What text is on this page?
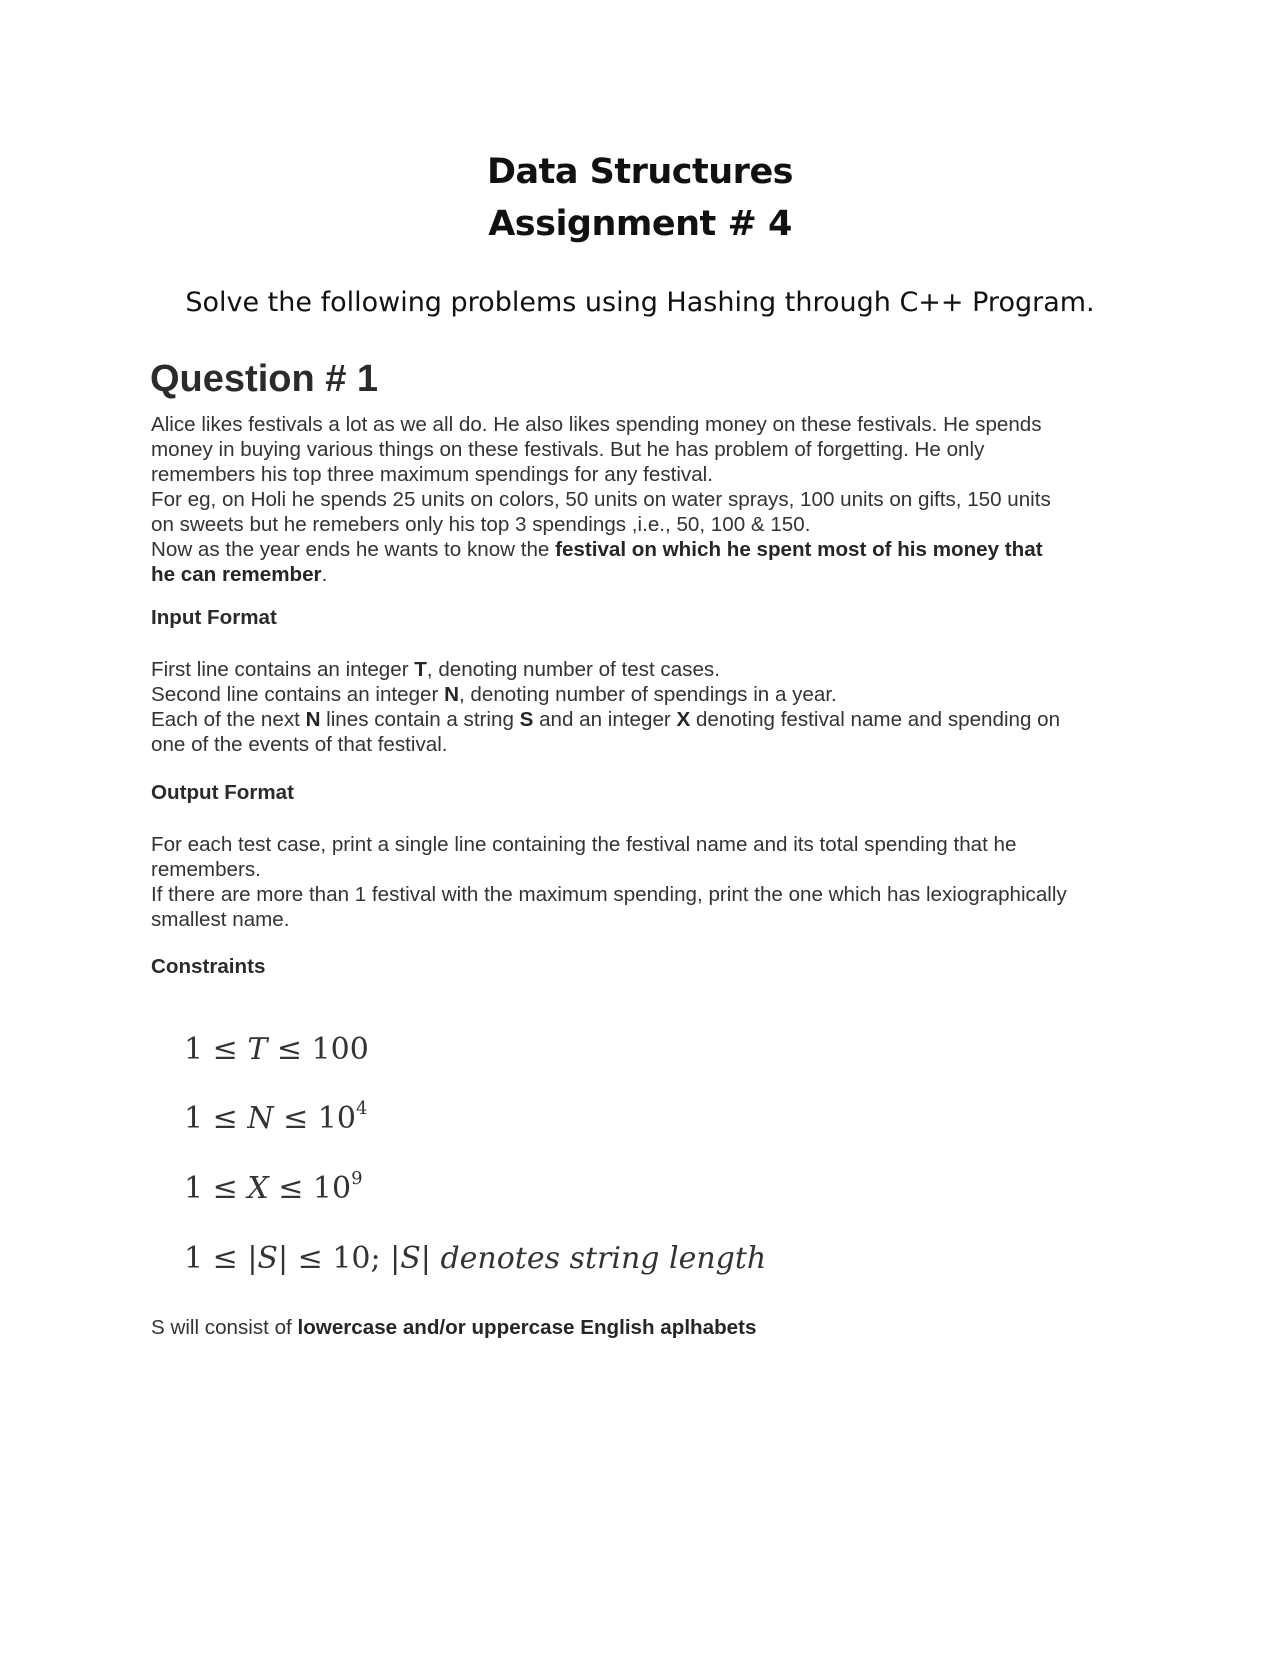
Data Structures
Assignment # 4
Solve the following problems using Hashing through C++ Program.
Question # 1
Alice likes festivals a lot as we all do. He also likes spending money on these festivals. He spends
money in buying various things on these festivals. But he has problem of forgetting. He only
remembers his top three maximum spendings for any festival.
For eg, on Holi he spends 25 units on colors, 50 units on water sprays, 100 units on gifts, 150 units
on sweets but he remebers only his top 3 spendings ,i.e., 50, 100 & 150.
Now as the year ends he wants to know the festival on which he spent most of his money that
he can remember.
Input Format
First line contains an integer T, denoting number of test cases.
Second line contains an integer N, denoting number of spendings in a year.
Each of the next N lines contain a string S and an integer X denoting festival name and spending on
one of the events of that festival.
Output Format
For each test case, print a single line containing the festival name and its total spending that he
remembers.
If there are more than 1 festival with the maximum spending, print the one which has lexiographically
smallest name.
Constraints
1 ≤ T ≤ 100
$1 \le N \le 10^4$
$1 \le X \le 10^9$
1 ≤ |S| ≤ 10; |S| denotes string length
S will consist of lowercase and/or uppercase English aplhabets
